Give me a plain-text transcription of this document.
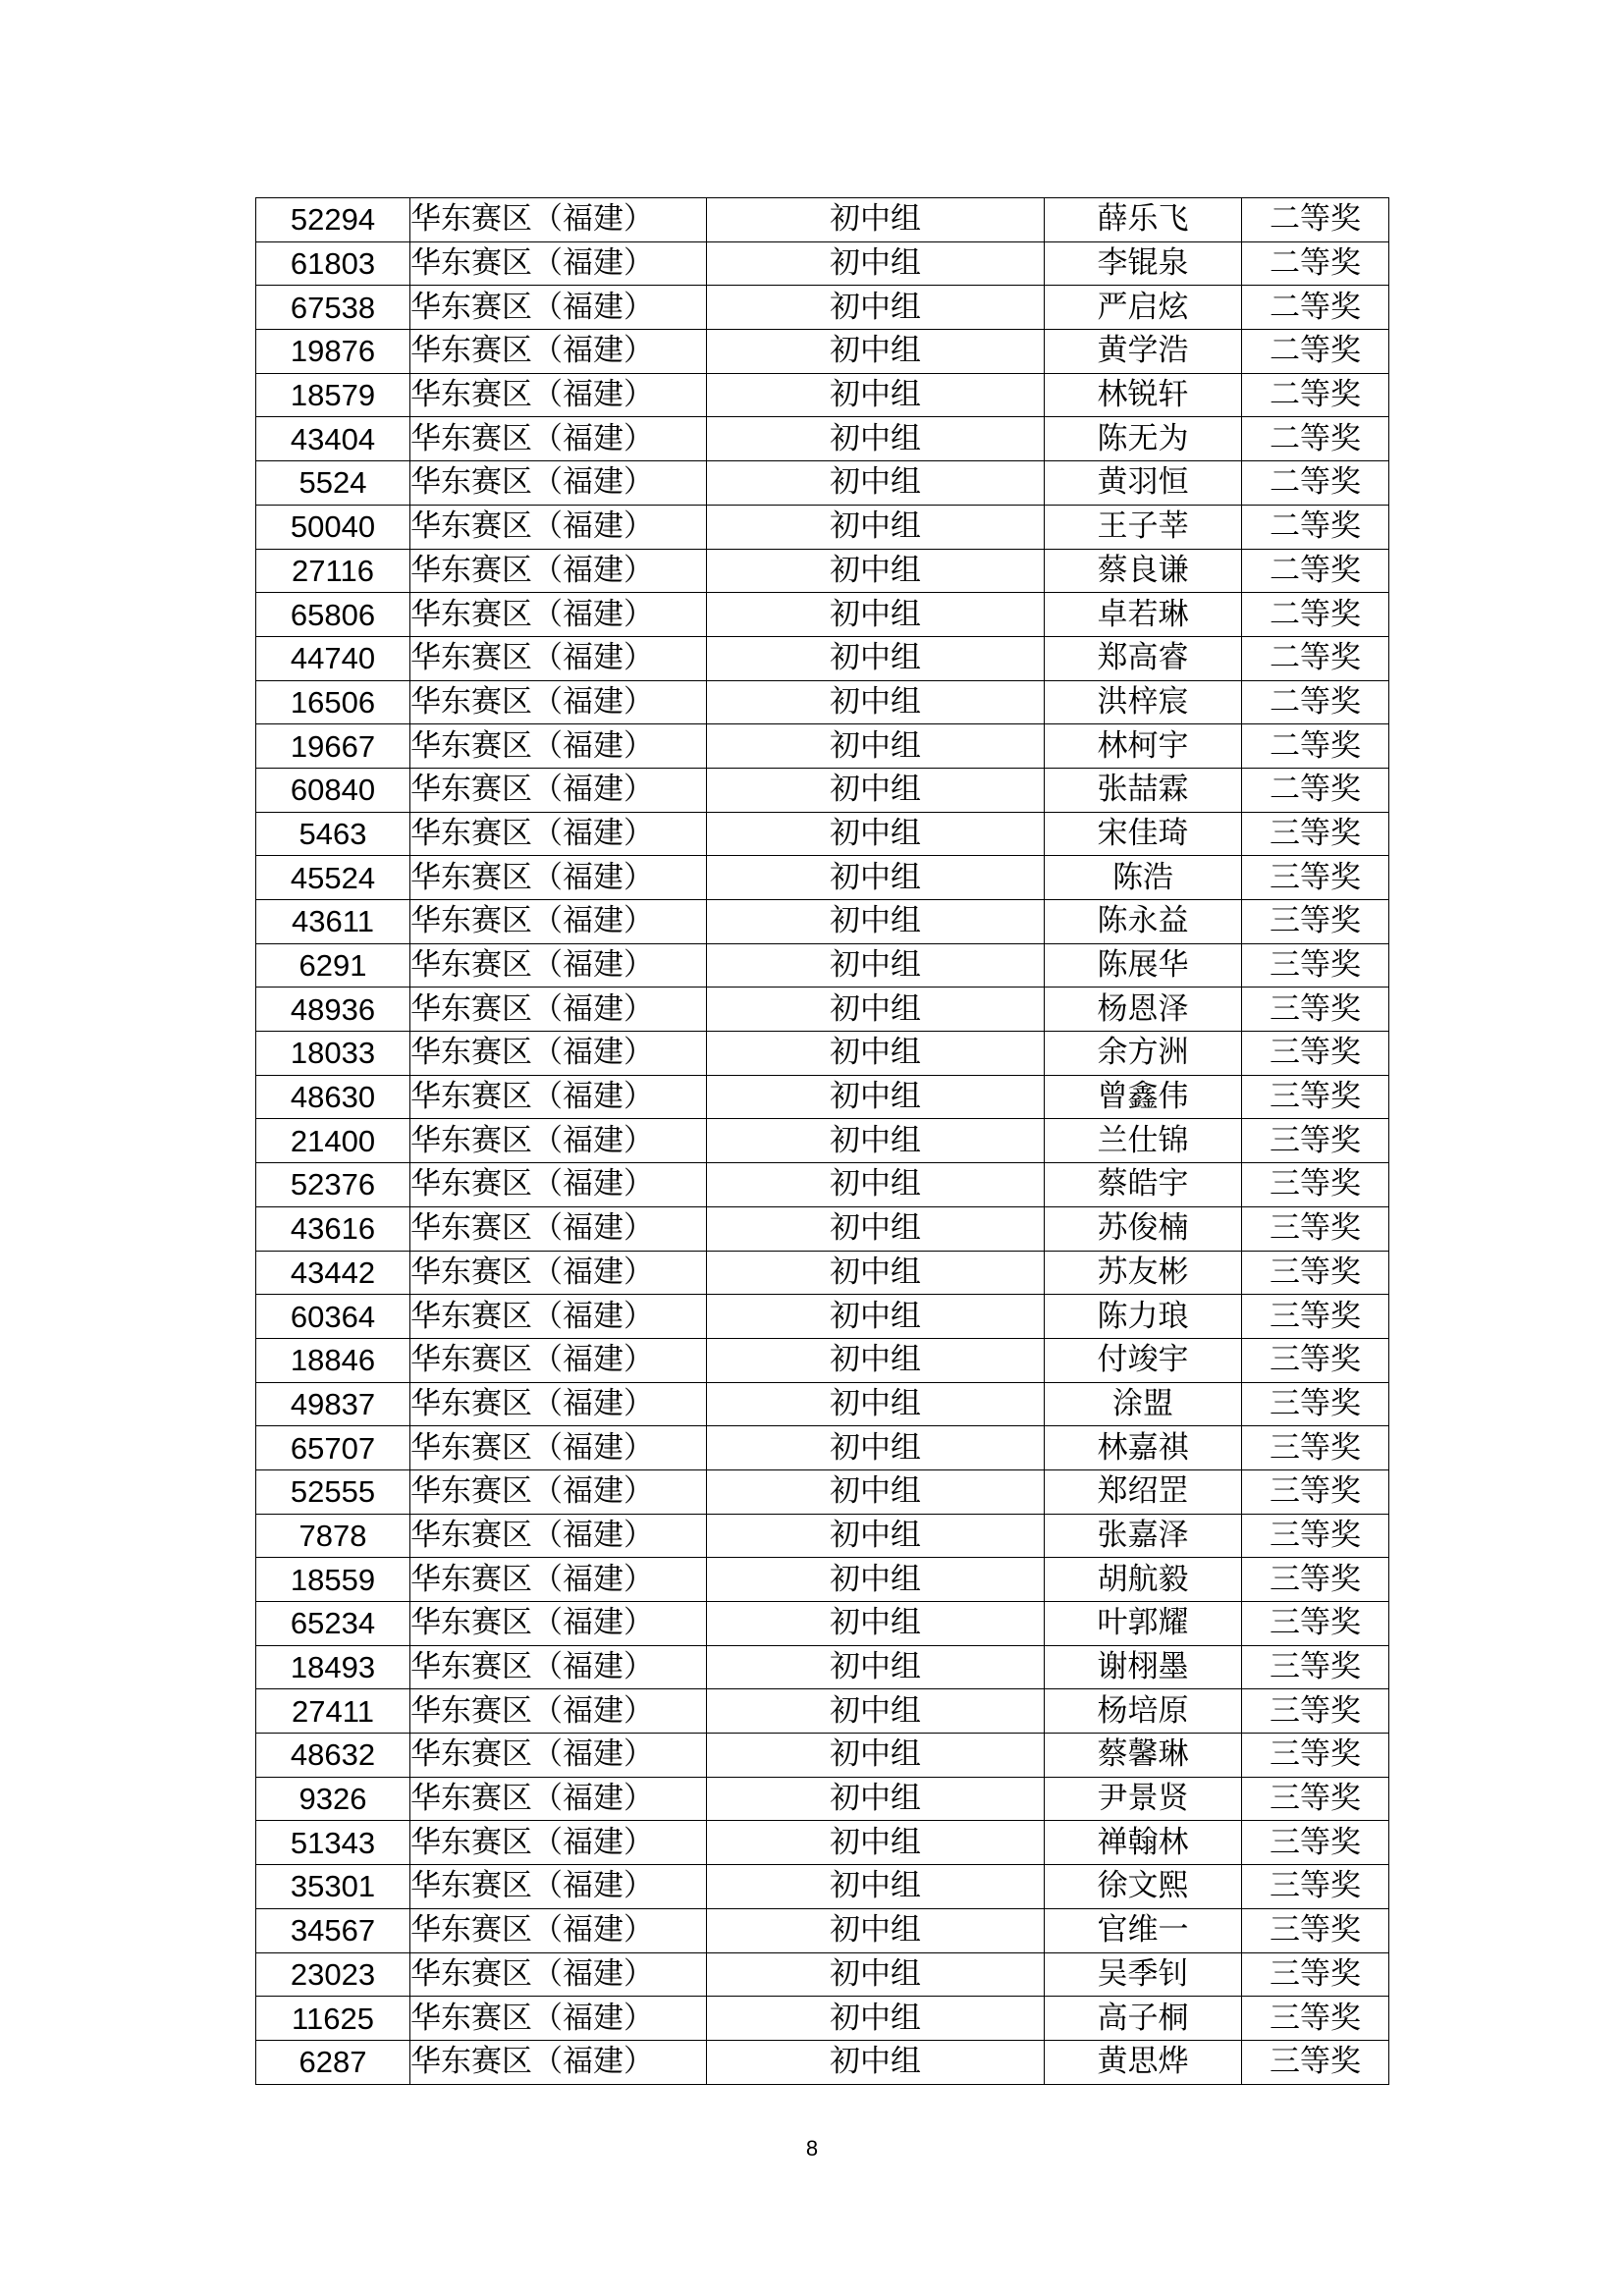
52294	华东赛区（福建）	初中组	薛乐飞	二等奖
61803	华东赛区（福建）	初中组	李锟泉	二等奖
67538	华东赛区（福建）	初中组	严启炫	二等奖
19876	华东赛区（福建）	初中组	黄学浩	二等奖
18579	华东赛区（福建）	初中组	林锐轩	二等奖
43404	华东赛区（福建）	初中组	陈无为	二等奖
5524	华东赛区（福建）	初中组	黄羽恒	二等奖
50040	华东赛区（福建）	初中组	王子莘	二等奖
27116	华东赛区（福建）	初中组	蔡良谦	二等奖
65806	华东赛区（福建）	初中组	卓若琳	二等奖
44740	华东赛区（福建）	初中组	郑高睿	二等奖
16506	华东赛区（福建）	初中组	洪梓宸	二等奖
19667	华东赛区（福建）	初中组	林柯宇	二等奖
60840	华东赛区（福建）	初中组	张喆霖	二等奖
5463	华东赛区（福建）	初中组	宋佳琦	三等奖
45524	华东赛区（福建）	初中组	陈浩	三等奖
43611	华东赛区（福建）	初中组	陈永益	三等奖
6291	华东赛区（福建）	初中组	陈展华	三等奖
48936	华东赛区（福建）	初中组	杨恩泽	三等奖
18033	华东赛区（福建）	初中组	余方洲	三等奖
48630	华东赛区（福建）	初中组	曾鑫伟	三等奖
21400	华东赛区（福建）	初中组	兰仕锦	三等奖
52376	华东赛区（福建）	初中组	蔡皓宇	三等奖
43616	华东赛区（福建）	初中组	苏俊楠	三等奖
43442	华东赛区（福建）	初中组	苏友彬	三等奖
60364	华东赛区（福建）	初中组	陈力琅	三等奖
18846	华东赛区（福建）	初中组	付竣宇	三等奖
49837	华东赛区（福建）	初中组	涂盟	三等奖
65707	华东赛区（福建）	初中组	林嘉祺	三等奖
52555	华东赛区（福建）	初中组	郑绍罡	三等奖
7878	华东赛区（福建）	初中组	张嘉泽	三等奖
18559	华东赛区（福建）	初中组	胡航毅	三等奖
65234	华东赛区（福建）	初中组	叶郭耀	三等奖
18493	华东赛区（福建）	初中组	谢栩墨	三等奖
27411	华东赛区（福建）	初中组	杨培原	三等奖
48632	华东赛区（福建）	初中组	蔡馨琳	三等奖
9326	华东赛区（福建）	初中组	尹景贤	三等奖
51343	华东赛区（福建）	初中组	禅翰林	三等奖
35301	华东赛区（福建）	初中组	徐文熙	三等奖
34567	华东赛区（福建）	初中组	官维一	三等奖
23023	华东赛区（福建）	初中组	吴季钊	三等奖
11625	华东赛区（福建）	初中组	高子桐	三等奖
6287	华东赛区（福建）	初中组	黄思烨	三等奖
8
